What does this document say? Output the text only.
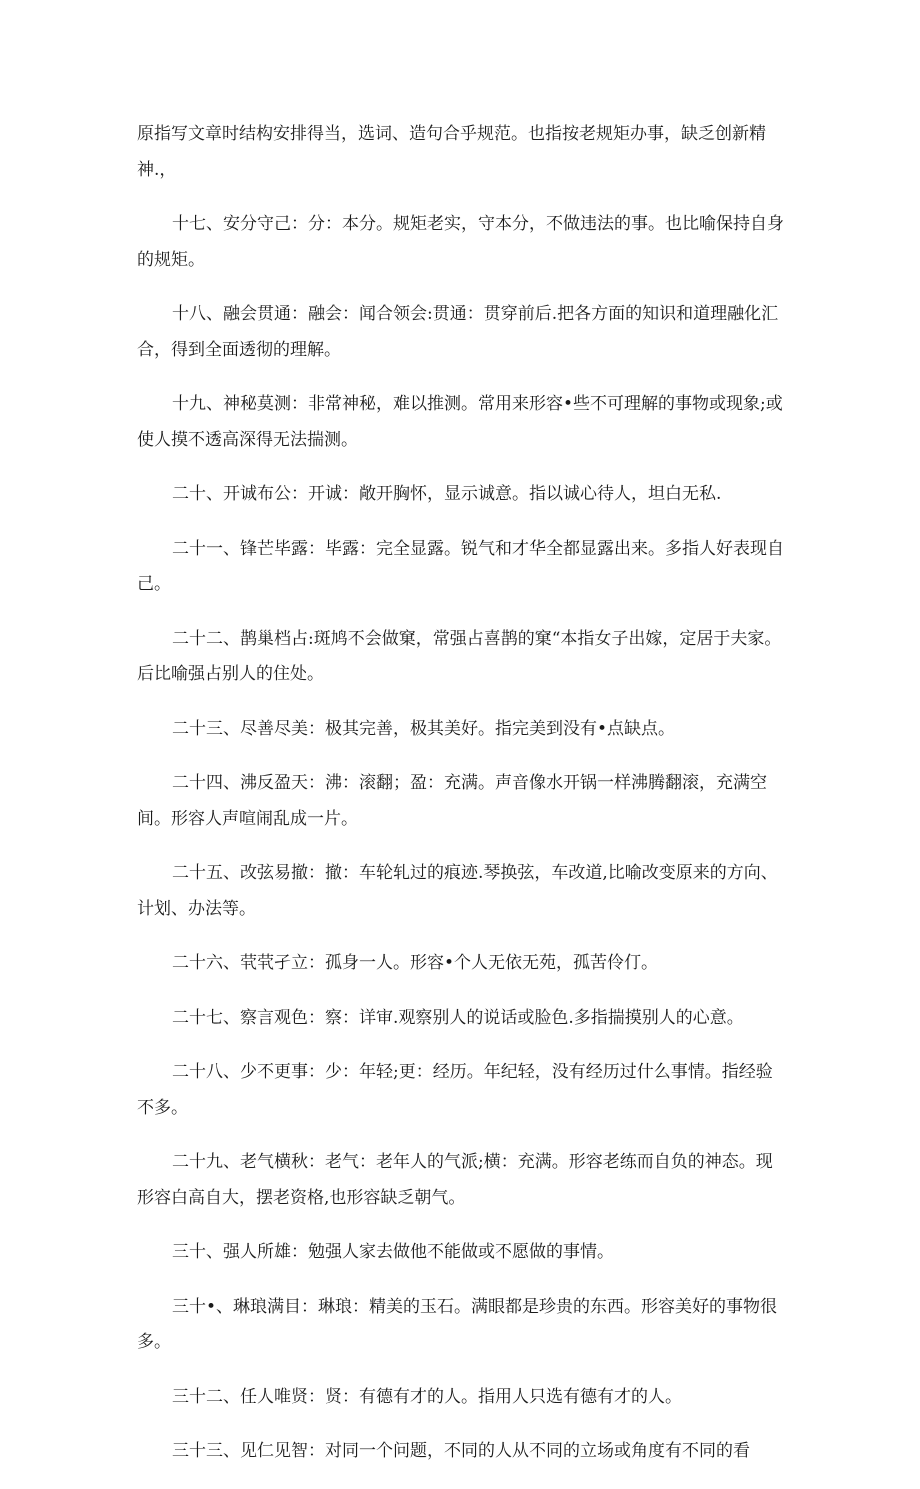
原指写文章时结构安排得当，选词、造句合乎规范。也指按老规矩办事，缺乏创新精神.，

十七、安分守己：分：本分。规矩老实，守本分，不做违法的事。也比喻保持自身的规矩。

十八、融会贯通：融会：闻合领会:贯通：贯穿前后.把各方面的知识和道理融化汇合，得到全面透彻的理解。

十九、神秘莫测：非常神秘，难以推测。常用来形容•些不可理解的事物或现象;或使人摸不透高深得无法揣测。

二十、开诚布公：开诚：敞开胸怀，显示诚意。指以诚心待人，坦白无私.

二十一、锋芒毕露：毕露：完全显露。锐气和才华全都显露出来。多指人好表现自己。

二十二、鹊巢档占:斑鸠不会做窠，常强占喜鹊的窠“本指女子出嫁，定居于夫家。后比喻强占别人的住处。

二十三、尽善尽美：极其完善，极其美好。指完美到没有•点缺点。

二十四、沸反盈天：沸：滚翻；盈：充满。声音像水开锅一样沸腾翻滚，充满空间。形容人声喧闹乱成一片。

二十五、改弦易撤：撤：车轮轧过的痕迹.琴换弦，车改道,比喻改变原来的方向、计划、办法等。

二十六、茕茕孑立：孤身一人。形容•个人无依无苑，孤苦伶仃。

二十七、察言观色：察：详审.观察别人的说话或脸色.多指揣摸别人的心意。

二十八、少不更事：少：年轻;更：经历。年纪轻，没有经历过什么事情。指经验不多。

二十九、老气横秋：老气：老年人的气派;横：充满。形容老练而自负的神态。现形容白高自大，摆老资格,也形容缺乏朝气。

三十、强人所雄：勉强人家去做他不能做或不愿做的事情。

三十•、琳琅满目：琳琅：精美的玉石。满眼都是珍贵的东西。形容美好的事物很多。

三十二、任人唯贤：贤：有德有才的人。指用人只选有德有才的人。

三十三、见仁见智：对同一个问题，不同的人从不同的立场或角度有不同的看
